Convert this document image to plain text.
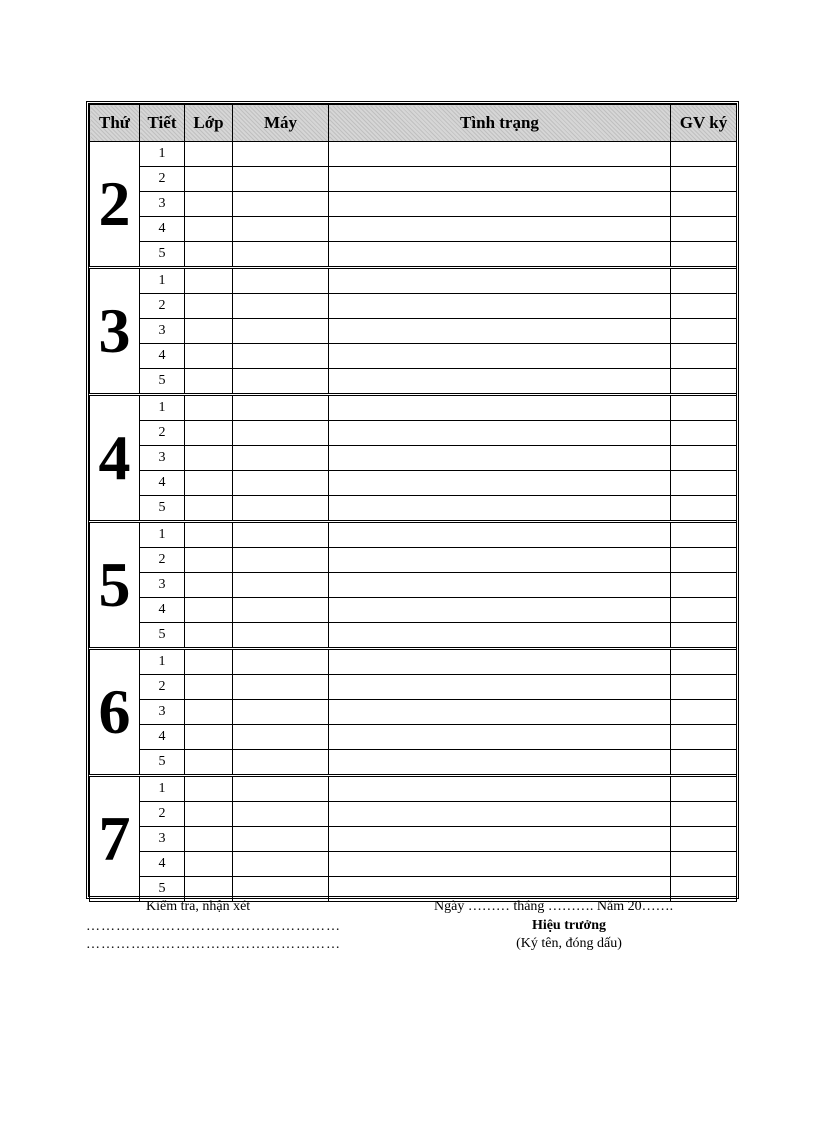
Thứ	Tiết	Lớp	Máy	Tình trạng	GV ký
2	1				
	2				
	3				
	4				
	5				
3	1				
	2				
	3				
	4				
	5				
4	1				
	2				
	3				
	4				
	5				
5	1				
	2				
	3				
	4				
	5				
6	1				
	2				
	3				
	4				
	5				
7	1				
	2				
	3				
	4				
	5				
Kiểm tra, nhận xét
……………………………………………
……………………………………………
Ngày ……… tháng ………. Năm 20…….
Hiệu trưởng
(Ký tên, đóng dấu)
